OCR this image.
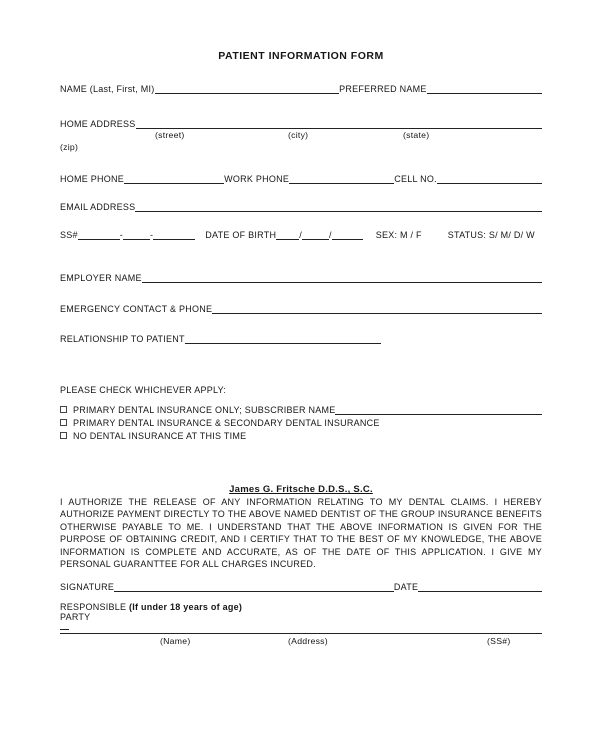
PATIENT INFORMATION FORM
NAME (Last, First, MI)	PREFERRED NAME
HOME ADDRESS
(street)	(city)	(state)
(zip)
HOME PHONE	WORK PHONE	CELL NO.
EMAIL ADDRESS
SS#	-	-	DATE OF BIRTH	/	/	SEX: M / F	STATUS: S/ M/ D/ W
EMPLOYER NAME
EMERGENCY CONTACT & PHONE
RELATIONSHIP TO PATIENT
PLEASE CHECK WHICHEVER APPLY:
PRIMARY DENTAL INSURANCE ONLY; SUBSCRIBER NAME
PRIMARY DENTAL INSURANCE & SECONDARY DENTAL INSURANCE
NO DENTAL INSURANCE AT THIS TIME
James G. Fritsche D.D.S., S.C.
I AUTHORIZE THE RELEASE OF ANY INFORMATION RELATING TO MY DENTAL CLAIMS. I HEREBY AUTHORIZE PAYMENT DIRECTLY TO THE ABOVE NAMED DENTIST OF THE GROUP INSURANCE BENEFITS OTHERWISE PAYABLE TO ME. I UNDERSTAND THAT THE ABOVE INFORMATION IS GIVEN FOR THE PURPOSE OF OBTAINING CREDIT, AND I CERTIFY THAT TO THE BEST OF MY KNOWLEDGE, THE ABOVE INFORMATION IS COMPLETE AND ACCURATE, AS OF THE DATE OF THIS APPLICATION. I GIVE MY PERSONAL GUARANTTEE FOR ALL CHARGES INCURED.
SIGNATURE	DATE
RESPONSIBLE (If under 18 years of age)
PARTY
(Name)	(Address)	(SS#)
